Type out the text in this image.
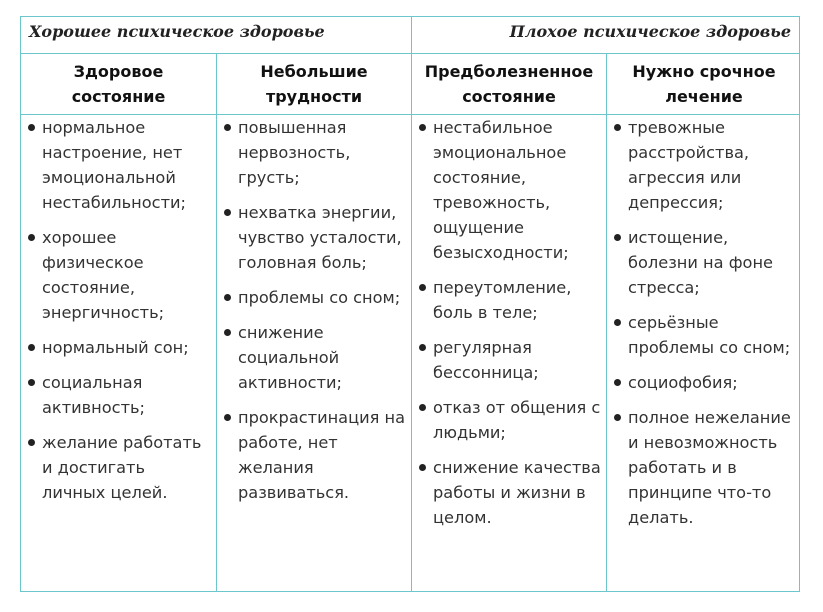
Хорошее психическое здоровье	Плохое психическое здоровье
Здоровое состояние
Небольшие трудности
Предболезненное состояние
Нужно срочное лечение
нормальное настроение, нет эмоциональной нестабильности;
хорошее физическое состояние, энергичность;
нормальный сон;
социальная активность;
желание работать и достигать личных целей.
повышенная нервозность, грусть;
нехватка энергии, чувство усталости, головная боль;
проблемы со сном;
снижение социальной активности;
прокрастинация на работе, нет желания развиваться.
нестабильное эмоциональное состояние, тревожность, ощущение безысходности;
переутомление, боль в теле;
регулярная бессонница;
отказ от общения с людьми;
снижение качества работы и жизни в целом.
тревожные расстройства, агрессия или депрессия;
истощение, болезни на фоне стресса;
серьёзные проблемы со сном;
социофобия;
полное нежелание и невозможность работать и в принципе что-то делать.
